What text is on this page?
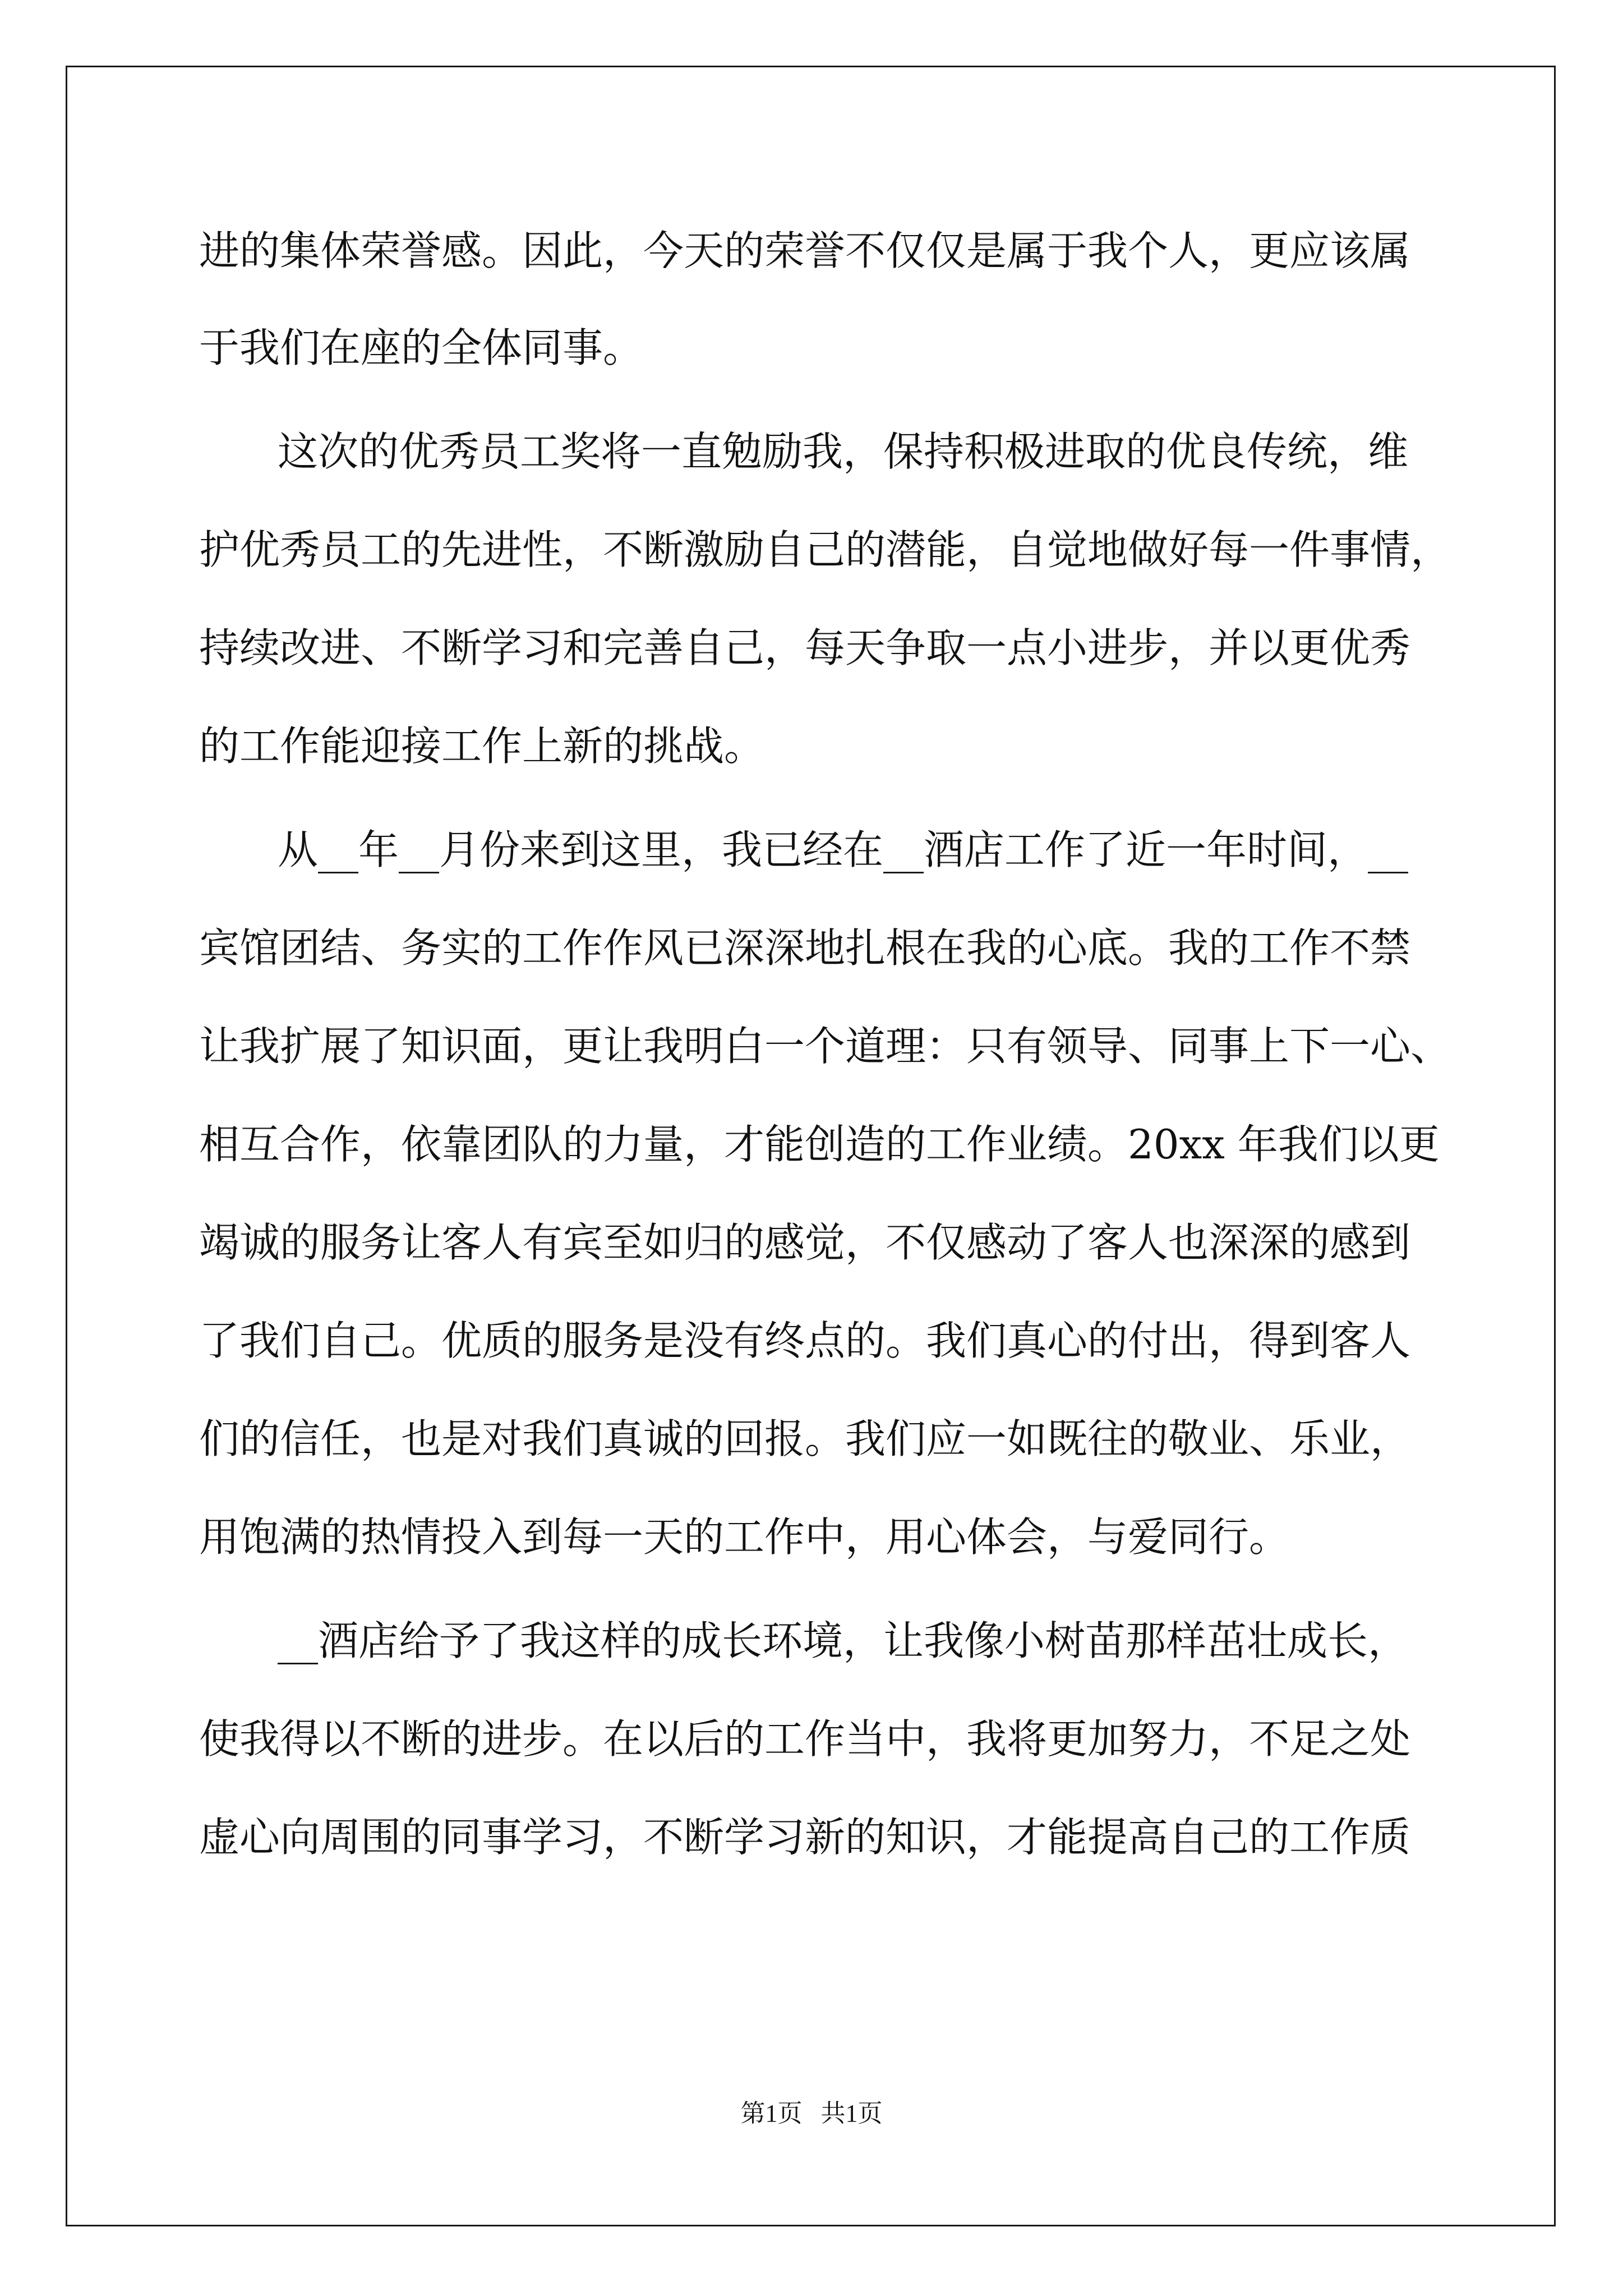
进的集体荣誉感。因此，今天的荣誉不仅仅是属于我个人，更应该属

于我们在座的全体同事。

这次的优秀员工奖将一直勉励我，保持积极进取的优良传统，维

护优秀员工的先进性，不断激励自己的潜能，自觉地做好每一件事情，

持续改进、不断学习和完善自己，每天争取一点小进步，并以更优秀

的工作能迎接工作上新的挑战。

从__年__月份来到这里，我已经在__酒店工作了近一年时间，__

宾馆团结、务实的工作作风已深深地扎根在我的心底。我的工作不禁

让我扩展了知识面，更让我明白一个道理：只有领导、同事上下一心、

相互合作，依靠团队的力量，才能创造的工作业绩。20xx 年我们以更

竭诚的服务让客人有宾至如归的感觉，不仅感动了客人也深深的感到

了我们自己。优质的服务是没有终点的。我们真心的付出，得到客人

们的信任，也是对我们真诚的回报。我们应一如既往的敬业、乐业，

用饱满的热情投入到每一天的工作中，用心体会，与爱同行。

__酒店给予了我这样的成长环境，让我像小树苗那样茁壮成长，

使我得以不断的进步。在以后的工作当中，我将更加努力，不足之处

虚心向周围的同事学习，不断学习新的知识，才能提高自己的工作质

第1页   共1页
